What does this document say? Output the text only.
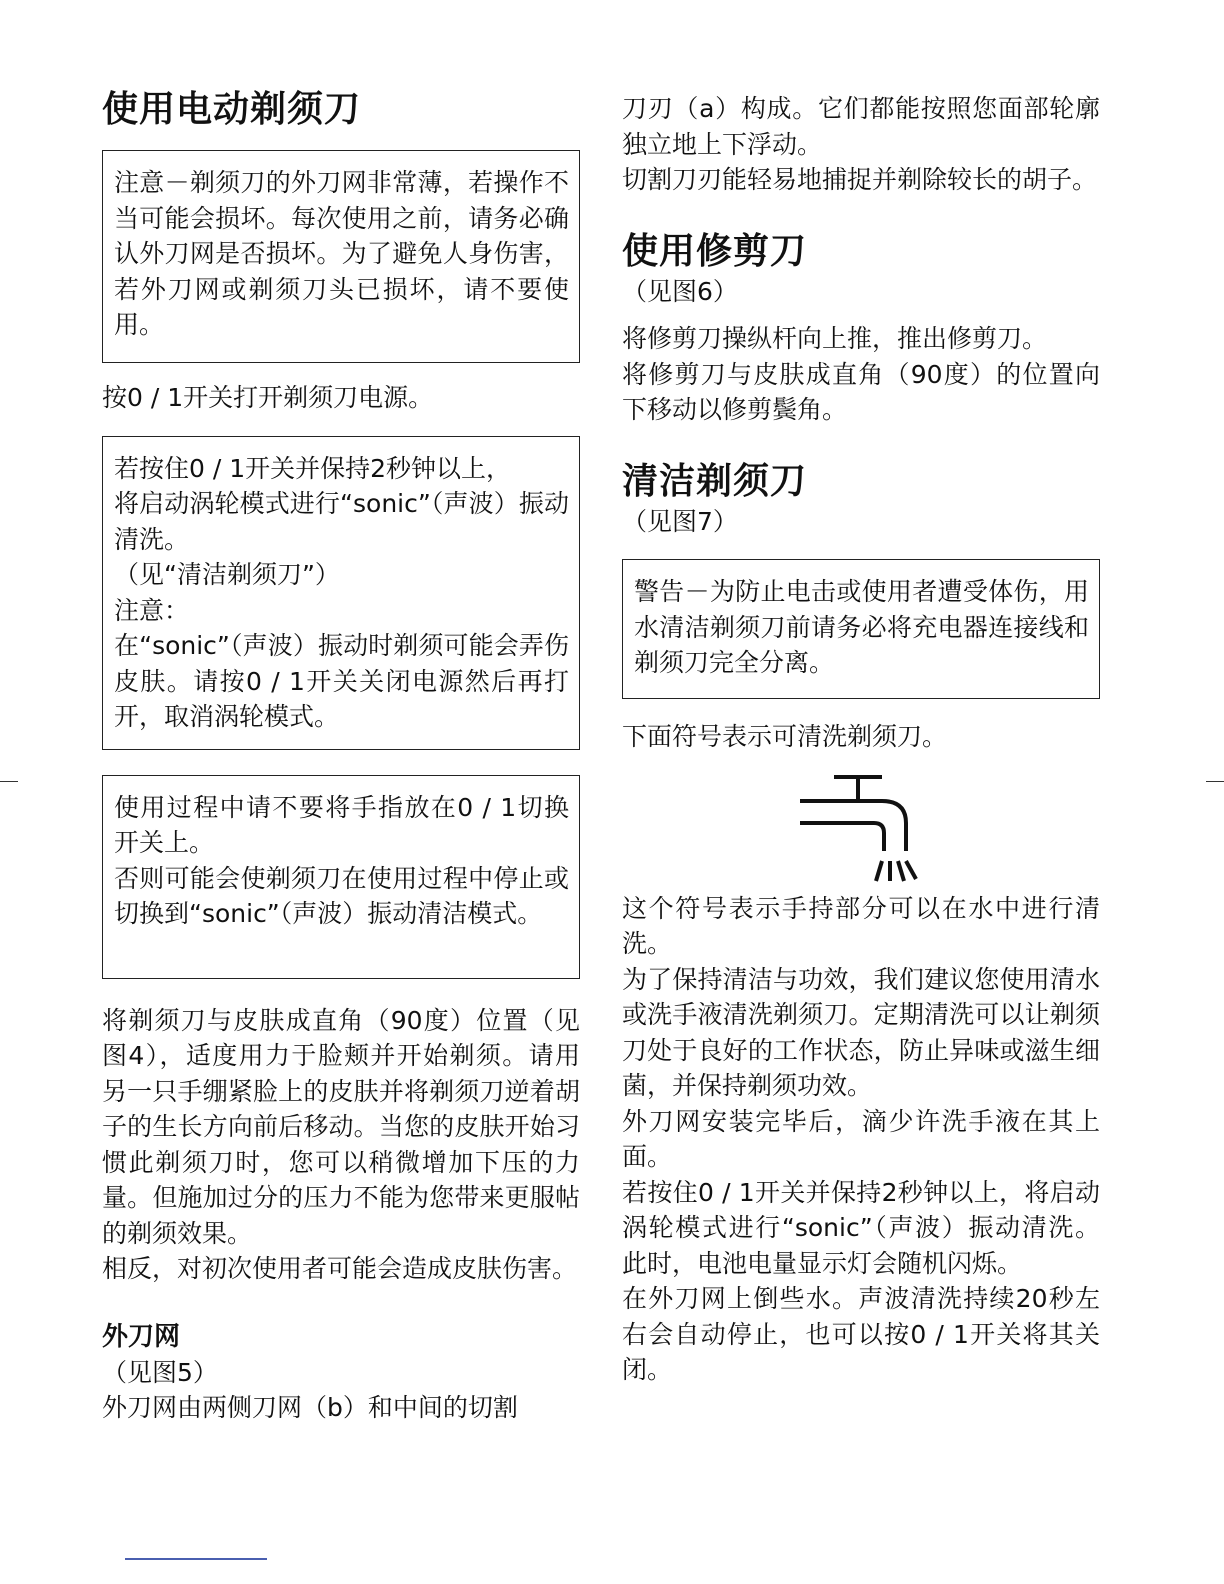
使用电动剃须刀

注意－剃须刀的外刀网非常薄，若操作不当可能会损坏。每次使用之前，请务必确认外刀网是否损坏。为了避免人身伤害，若外刀网或剃须刀头已损坏，请不要使用。

按0 / 1开关打开剃须刀电源。

若按住0 / 1开关并保持2秒钟以上，

将启动涡轮模式进行“sonic”（声波）振动清洗。

（见“清洁剃须刀”）

注意：

在“sonic”（声波）振动时剃须可能会弄伤皮肤。请按0 / 1开关关闭电源然后再打开，取消涡轮模式。

使用过程中请不要将手指放在0 / 1切换开关上。

否则可能会使剃须刀在使用过程中停止或切换到“sonic”（声波）振动清洁模式。

将剃须刀与皮肤成直角（90度）位置（见图4），适度用力于脸颊并开始剃须。请用另一只手绷紧脸上的皮肤并将剃须刀逆着胡子的生长方向前后移动。当您的皮肤开始习惯此剃须刀时，您可以稍微增加下压的力量。但施加过分的压力不能为您带来更服帖的剃须效果。

相反，对初次使用者可能会造成皮肤伤害。

外刀网

（见图5）

外刀网由两侧刀网（b）和中间的切割

刀刃（a）构成。它们都能按照您面部轮廓独立地上下浮动。

切割刀刃能轻易地捕捉并剃除较长的胡子。

使用修剪刀

（见图6）

将修剪刀操纵杆向上推，推出修剪刀。

将修剪刀与皮肤成直角（90度）的位置向下移动以修剪鬓角。

清洁剃须刀

（见图7）

警告－为防止电击或使用者遭受体伤，用水清洁剃须刀前请务必将充电器连接线和剃须刀完全分离。

下面符号表示可清洗剃须刀。

这个符号表示手持部分可以在水中进行清洗。

为了保持清洁与功效，我们建议您使用清水或洗手液清洗剃须刀。定期清洗可以让剃须刀处于良好的工作状态，防止异味或滋生细菌，并保持剃须功效。

外刀网安装完毕后，滴少许洗手液在其上面。

若按住0 / 1开关并保持2秒钟以上，将启动涡轮模式进行“sonic”（声波）振动清洗。此时，电池电量显示灯会随机闪烁。

在外刀网上倒些水。声波清洗持续20秒左右会自动停止，也可以按0 / 1开关将其关闭。
